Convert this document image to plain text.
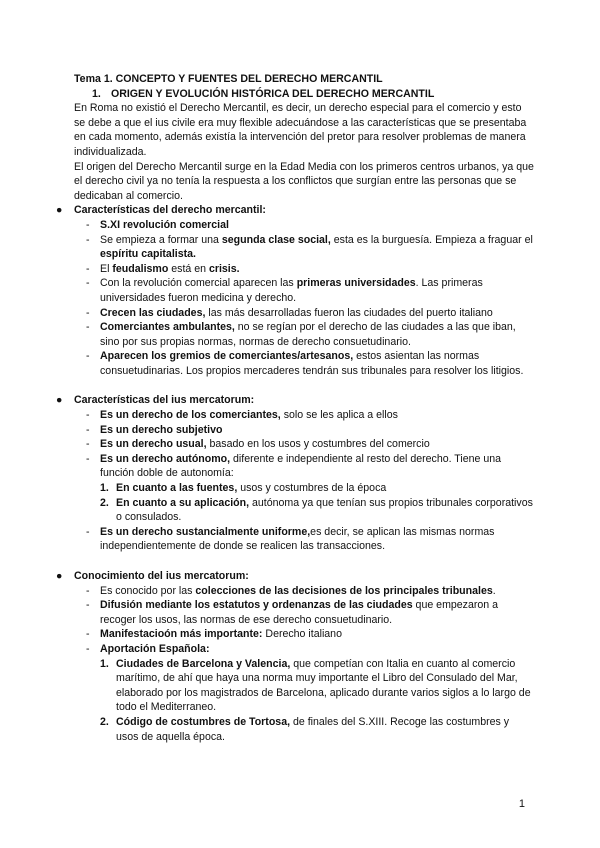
Tema 1. CONCEPTO Y FUENTES DEL DERECHO MERCANTIL

1. ORIGEN Y EVOLUCIÓN HISTÓRICA DEL DERECHO MERCANTIL

En Roma no existió el Derecho Mercantil, es decir, un derecho especial para el comercio y esto se debe a que el ius civile era muy flexible adecuándose a las características que se presentaba en cada momento, además existía la intervención del pretor para resolver problemas de manera individualizada.

El origen del Derecho Mercantil surge en la Edad Media con los primeros centros urbanos, ya que el derecho civil ya no tenía la respuesta a los conflictos que surgían entre las personas que se dedicaban al comercio.

● Características del derecho mercantil:

- S.XI revolución comercial
- Se empieza a formar una segunda clase social, esta es la burguesía. Empieza a fraguar el espíritu capitalista.
- El feudalismo está en crisis.
- Con la revolución comercial aparecen las primeras universidades. Las primeras universidades fueron medicina y derecho.
- Crecen las ciudades, las más desarrolladas fueron las ciudades del puerto italiano
- Comerciantes ambulantes, no se regían por el derecho de las ciudades a las que iban, sino por sus propias normas, normas de derecho consuetudinario.
- Aparecen los gremios de comerciantes/artesanos, estos asientan las normas consuetudinarias. Los propios mercaderes tendrán sus tribunales para resolver los litigios.

● Características del ius mercatorum:

- Es un derecho de los comerciantes, solo se les aplica a ellos
- Es un derecho subjetivo
- Es un derecho usual, basado en los usos y costumbres del comercio
- Es un derecho autónomo, diferente e independiente al resto del derecho. Tiene una función doble de autonomía:
1. En cuanto a las fuentes, usos y costumbres de la época
2. En cuanto a su aplicación, autónoma ya que tenían sus propios tribunales corporativos o consulados.
- Es un derecho sustancialmente uniforme,es decir, se aplican las mismas normas independientemente de donde se realicen las transacciones.

● Conocimiento del ius mercatorum:

- Es conocido por las colecciones de las decisiones de los principales tribunales.
- Difusión mediante los estatutos y ordenanzas de las ciudades que empezaron a recoger los usos, las normas de ese derecho consuetudinario.
- Manifestacioón más importante: Derecho italiano
- Aportación Española:
1. Ciudades de Barcelona y Valencia, que competían con Italia en cuanto al comercio marítimo, de ahí que haya una norma muy importante el Libro del Consulado del Mar, elaborado por los magistrados de Barcelona, aplicado durante varios siglos a lo largo de todo el Mediterraneo.
2. Código de costumbres de Tortosa, de finales del S.XIII. Recoge las costumbres y usos de aquella época.
1
